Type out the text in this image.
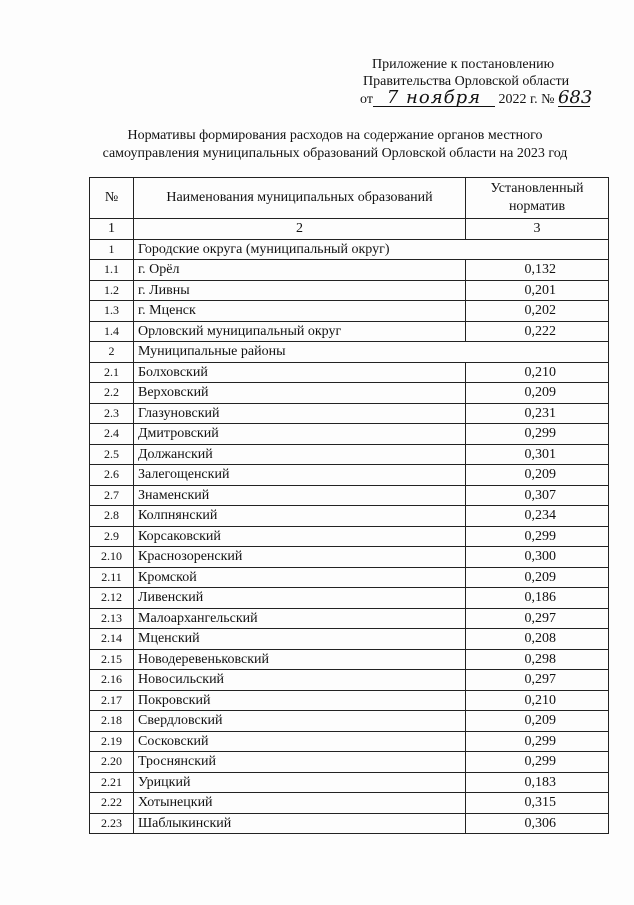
Приложение к постановлению
Правительства Орловской области
от 7 ноября 2022 г. № 683
Нормативы формирования расходов на содержание органов местного
самоуправления муниципальных образований Орловской области на 2023 год
№	Наименования муниципальных образований	Установленный норматив
1	2	3
1	Городские округа (муниципальный округ)	
1.1	г. Орёл	0,132
1.2	г. Ливны	0,201
1.3	г. Мценск	0,202
1.4	Орловский муниципальный округ	0,222
2	Муниципальные районы	
2.1	Болховский	0,210
2.2	Верховский	0,209
2.3	Глазуновский	0,231
2.4	Дмитровский	0,299
2.5	Должанский	0,301
2.6	Залегощенский	0,209
2.7	Знаменский	0,307
2.8	Колпнянский	0,234
2.9	Корсаковский	0,299
2.10	Краснозоренский	0,300
2.11	Кромской	0,209
2.12	Ливенский	0,186
2.13	Малоархангельский	0,297
2.14	Мценский	0,208
2.15	Новодеревеньковский	0,298
2.16	Новосильский	0,297
2.17	Покровский	0,210
2.18	Свердловский	0,209
2.19	Сосковский	0,299
2.20	Троснянский	0,299
2.21	Урицкий	0,183
2.22	Хотынецкий	0,315
2.23	Шаблыкинский	0,306
